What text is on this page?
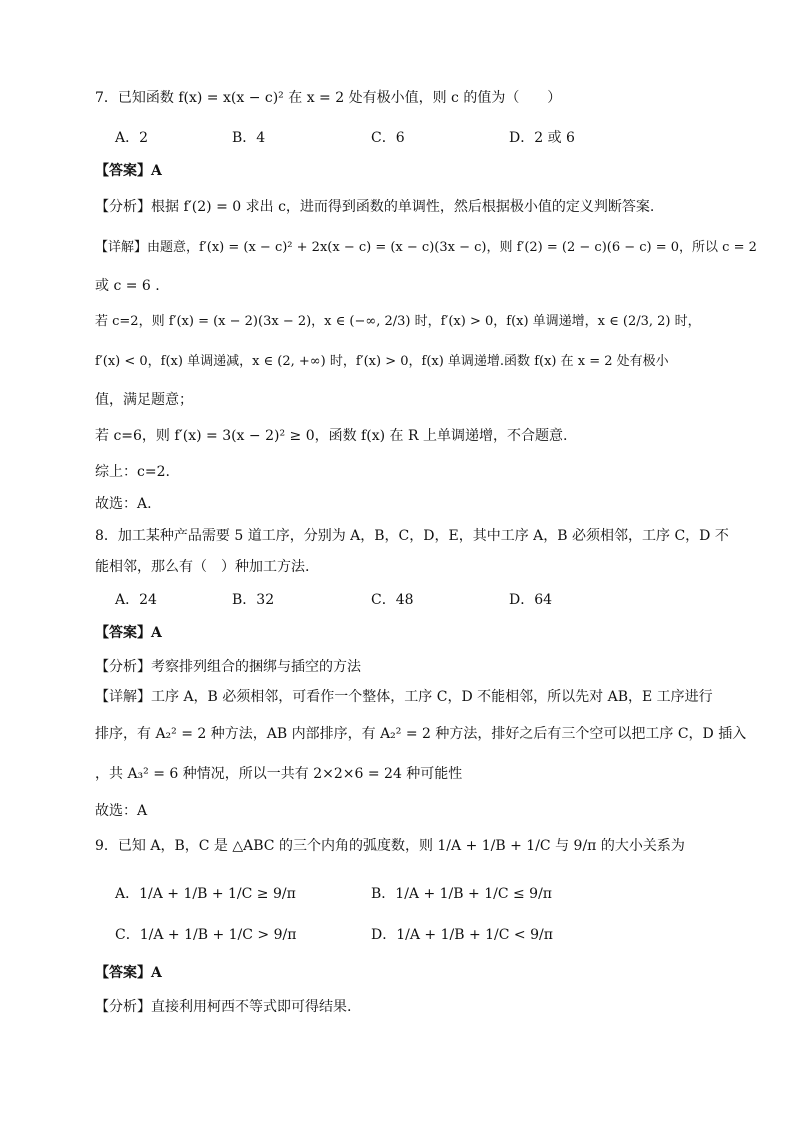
7．已知函数 f(x) = x(x − c)² 在 x = 2 处有极小值，则 c 的值为（　　）
A．2	B．4	C．6	D．2 或 6
【答案】A
【分析】根据 f′(2) = 0 求出 c，进而得到函数的单调性，然后根据极小值的定义判断答案.
【详解】由题意，f′(x) = (x − c)² + 2x(x − c) = (x − c)(3x − c)，则 f′(2) = (2 − c)(6 − c) = 0，所以 c = 2
或 c = 6 .
若 c=2，则 f′(x) = (x − 2)(3x − 2)，x ∈ (−∞, 2/3) 时，f′(x) > 0，f(x) 单调递增，x ∈ (2/3, 2) 时，
f′(x) < 0，f(x) 单调递减，x ∈ (2, +∞) 时，f′(x) > 0，f(x) 单调递增.函数 f(x) 在 x = 2 处有极小
值，满足题意；
若 c=6，则 f′(x) = 3(x − 2)² ≥ 0，函数 f(x) 在 R 上单调递增，不合题意.
综上：c=2.
故选：A.
8．加工某种产品需要 5 道工序，分别为 A，B，C，D，E，其中工序 A，B 必须相邻，工序 C，D 不
能相邻，那么有（　）种加工方法.
A．24	B．32	C．48	D．64
【答案】A
【分析】考察排列组合的捆绑与插空的方法
【详解】工序 A，B 必须相邻，可看作一个整体，工序 C，D 不能相邻，所以先对 AB，E 工序进行
排序，有 A₂² = 2 种方法，AB 内部排序，有 A₂² = 2 种方法，排好之后有三个空可以把工序 C，D 插入
，共 A₃² = 6 种情况，所以一共有 2×2×6 = 24 种可能性
故选：A
9．已知 A，B，C 是 △ABC 的三个内角的弧度数，则 1/A + 1/B + 1/C 与 9/π 的大小关系为
A．1/A + 1/B + 1/C ≥ 9/π	B．1/A + 1/B + 1/C ≤ 9/π
C．1/A + 1/B + 1/C > 9/π	D．1/A + 1/B + 1/C < 9/π
【答案】A
【分析】直接利用柯西不等式即可得结果.
